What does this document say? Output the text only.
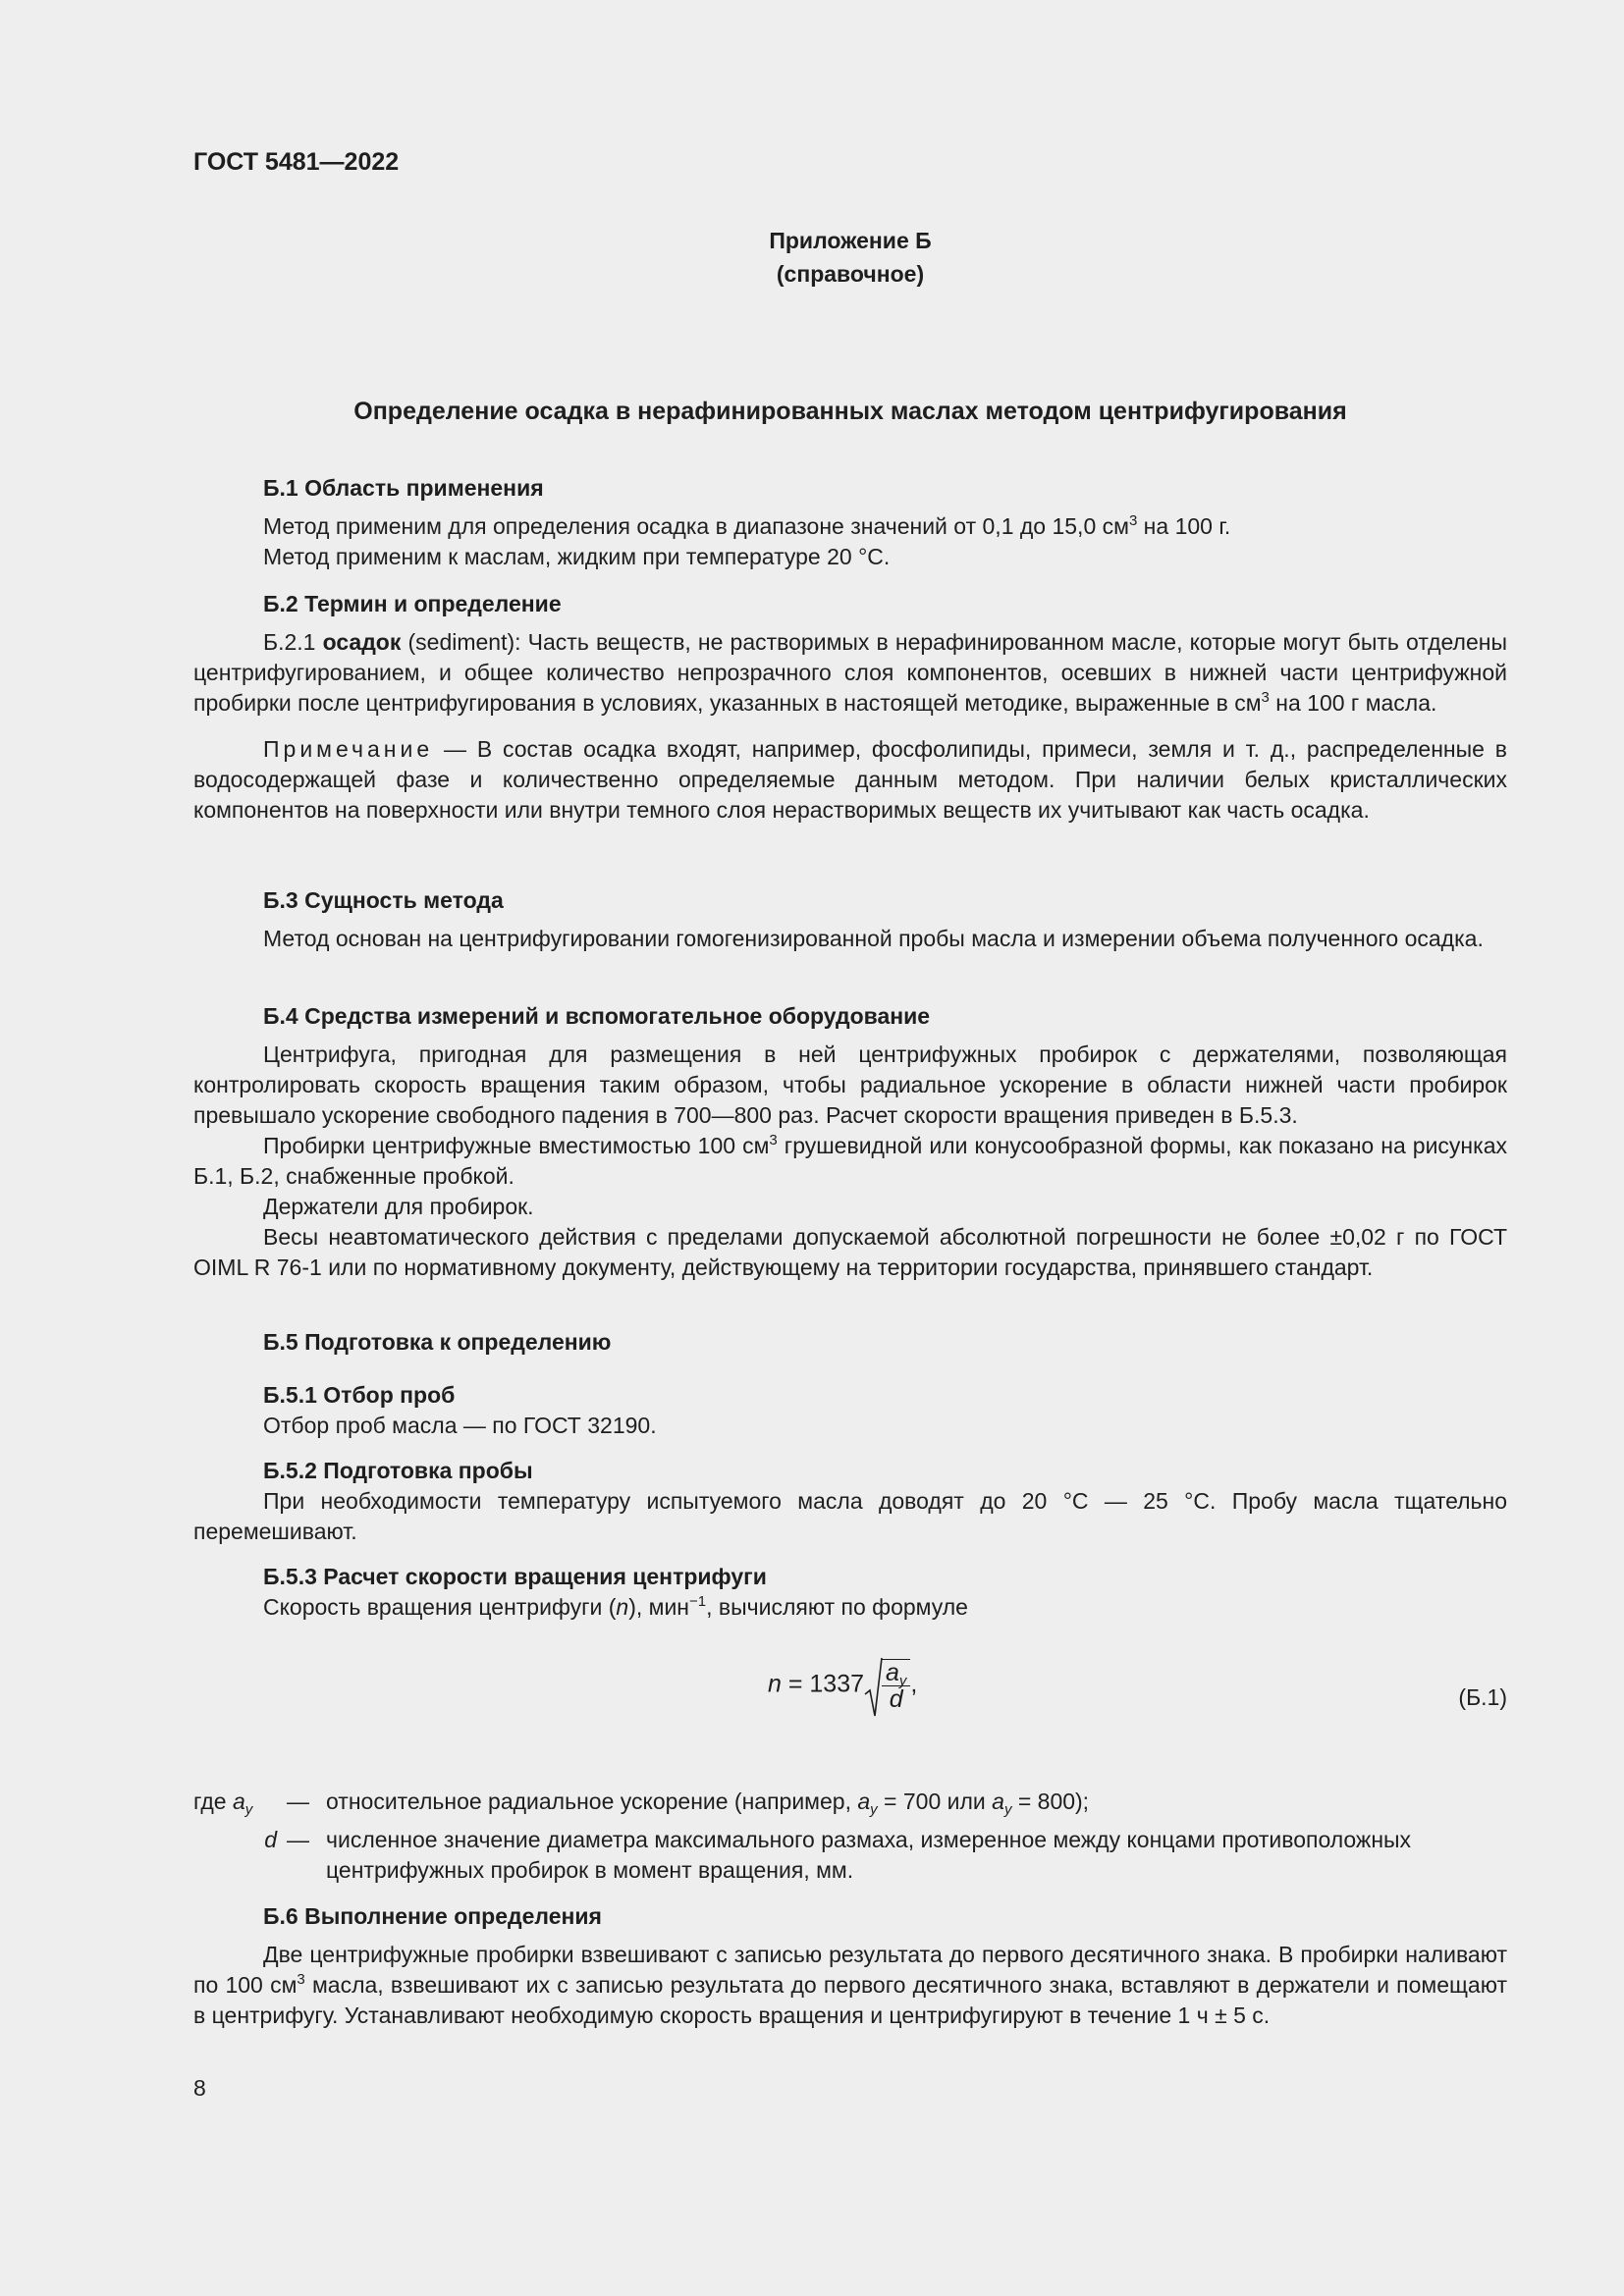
ГОСТ 5481—2022
Приложение Б
(справочное)
Определение осадка в нерафинированных маслах методом центрифугирования
Б.1 Область применения
Метод применим для определения осадка в диапазоне значений от 0,1 до 15,0 $см^3$ на 100 г.
Метод применим к маслам, жидким при температуре 20 °С.
Б.2 Термин и определение
Б.2.1 осадок (sediment): Часть веществ, не растворимых в нерафинированном масле, которые могут быть отделены центрифугированием, и общее количество непрозрачного слоя компонентов, осевших в нижней части центрифужной пробирки после центрифугирования в условиях, указанных в настоящей методике, выраженные в $см^3$ на 100 г масла.
Примечание — В состав осадка входят, например, фосфолипиды, примеси, земля и т. д., распределенные в водосодержащей фазе и количественно определяемые данным методом. При наличии белых кристаллических компонентов на поверхности или внутри темного слоя нерастворимых веществ их учитывают как часть осадка.
Б.3 Сущность метода
Метод основан на центрифугировании гомогенизированной пробы масла и измерении объема полученного осадка.
Б.4 Средства измерений и вспомогательное оборудование
Центрифуга, пригодная для размещения в ней центрифужных пробирок с держателями, позволяющая контролировать скорость вращения таким образом, чтобы радиальное ускорение в области нижней части пробирок превышало ускорение свободного падения в 700—800 раз. Расчет скорости вращения приведен в Б.5.3.
Пробирки центрифужные вместимостью 100 $см^3$ грушевидной или конусообразной формы, как показано на рисунках Б.1, Б.2, снабженные пробкой.
Держатели для пробирок.
Весы неавтоматического действия с пределами допускаемой абсолютной погрешности не более ±0,02 г по ГОСТ OIML R 76-1 или по нормативному документу, действующему на территории государства, принявшего стандарт.
Б.5 Подготовка к определению
Б.5.1 Отбор проб
Отбор проб масла — по ГОСТ 32190.
Б.5.2 Подготовка пробы
При необходимости температуру испытуемого масла доводят до 20 °С — 25 °С. Пробу масла тщательно перемешивают.
Б.5.3 Расчет скорости вращения центрифуги
Скорость вращения центрифуги (n), мин$^{-1}$, вычисляют по формуле
$n = 1337 \frac{a_y}{d}$ ,	(Б.1)
где $a_y$	— относительное радиальное ускорение (например, $a_y = 700$ или $a_y = 800$);
d — численное значение диаметра максимального размаха, измеренное между концами противоположных
центрифужных пробирок в момент вращения, мм.
Б.6 Выполнение определения
Две центрифужные пробирки взвешивают с записью результата до первого десятичного знака. В пробирки наливают по 100 $см^3$ масла, взвешивают их с записью результата до первого десятичного знака, вставляют в держатели и помещают в центрифугу. Устанавливают необходимую скорость вращения и центрифугируют в течение 1 ч ± 5 с.
8
